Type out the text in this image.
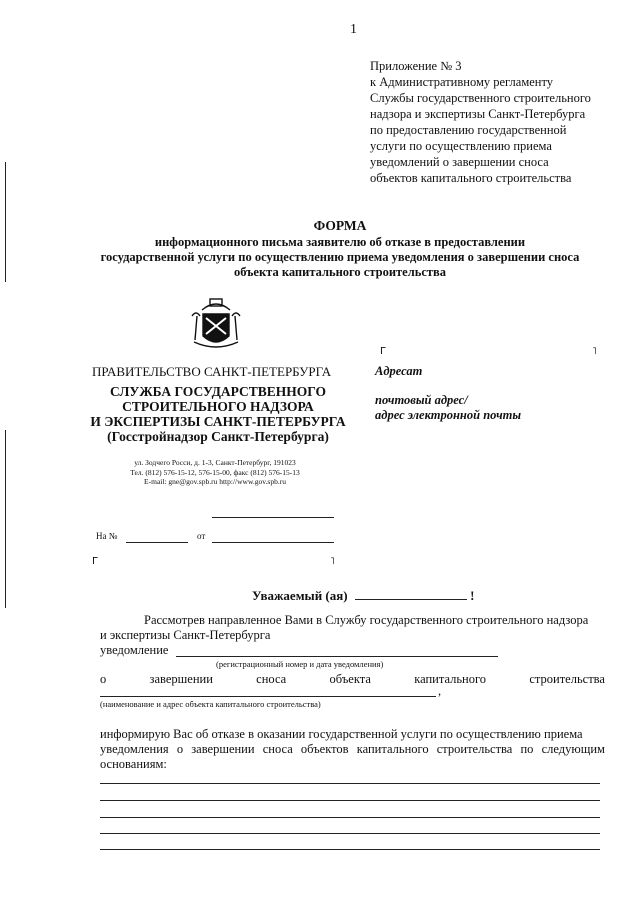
1
Приложение № 3
к Административному регламенту
Службы государственного строительного
надзора и экспертизы Санкт-Петербурга
по предоставлению государственной
услуги по осуществлению приема
уведомлений о завершении сноса
объектов капитального строительства
ФОРМА
информационного письма заявителю об отказе в предоставлении
государственной услуги по осуществлению приема уведомления о завершении сноса
объекта капитального строительства
ПРАВИТЕЛЬСТВО САНКТ-ПЕТЕРБУРГА
СЛУЖБА ГОСУДАРСТВЕННОГО
СТРОИТЕЛЬНОГО НАДЗОРА
И ЭКСПЕРТИЗЫ САНКТ-ПЕТЕРБУРГА
(Госстройнадзор Санкт-Петербурга)
ул. Зодчего Росси, д. 1-3, Санкт-Петербург, 191023
Тел. (812) 576-15-12, 576-15-00, факс (812) 576-15-13
E-mail: gne@gov.spb.ru http://www.gov.spb.ru
На №	от
Г	˥
Г	˥
Адресат
почтовый адрес/
адрес электронной почты
Уважаемый (ая)	!
Рассмотрев направленное Вами в Службу государственного строительного надзора
и экспертизы Санкт-Петербурга
уведомление
(регистрационный номер и дата уведомления)
о	завершении	сноса	объекта	капитального	строительства
,
(наименование и адрес объекта капитального строительства)
информирую Вас об отказе в оказании государственной услуги по осуществлению приема
уведомления о завершении сноса объектов капитального строительства по следующим
основаниям:
